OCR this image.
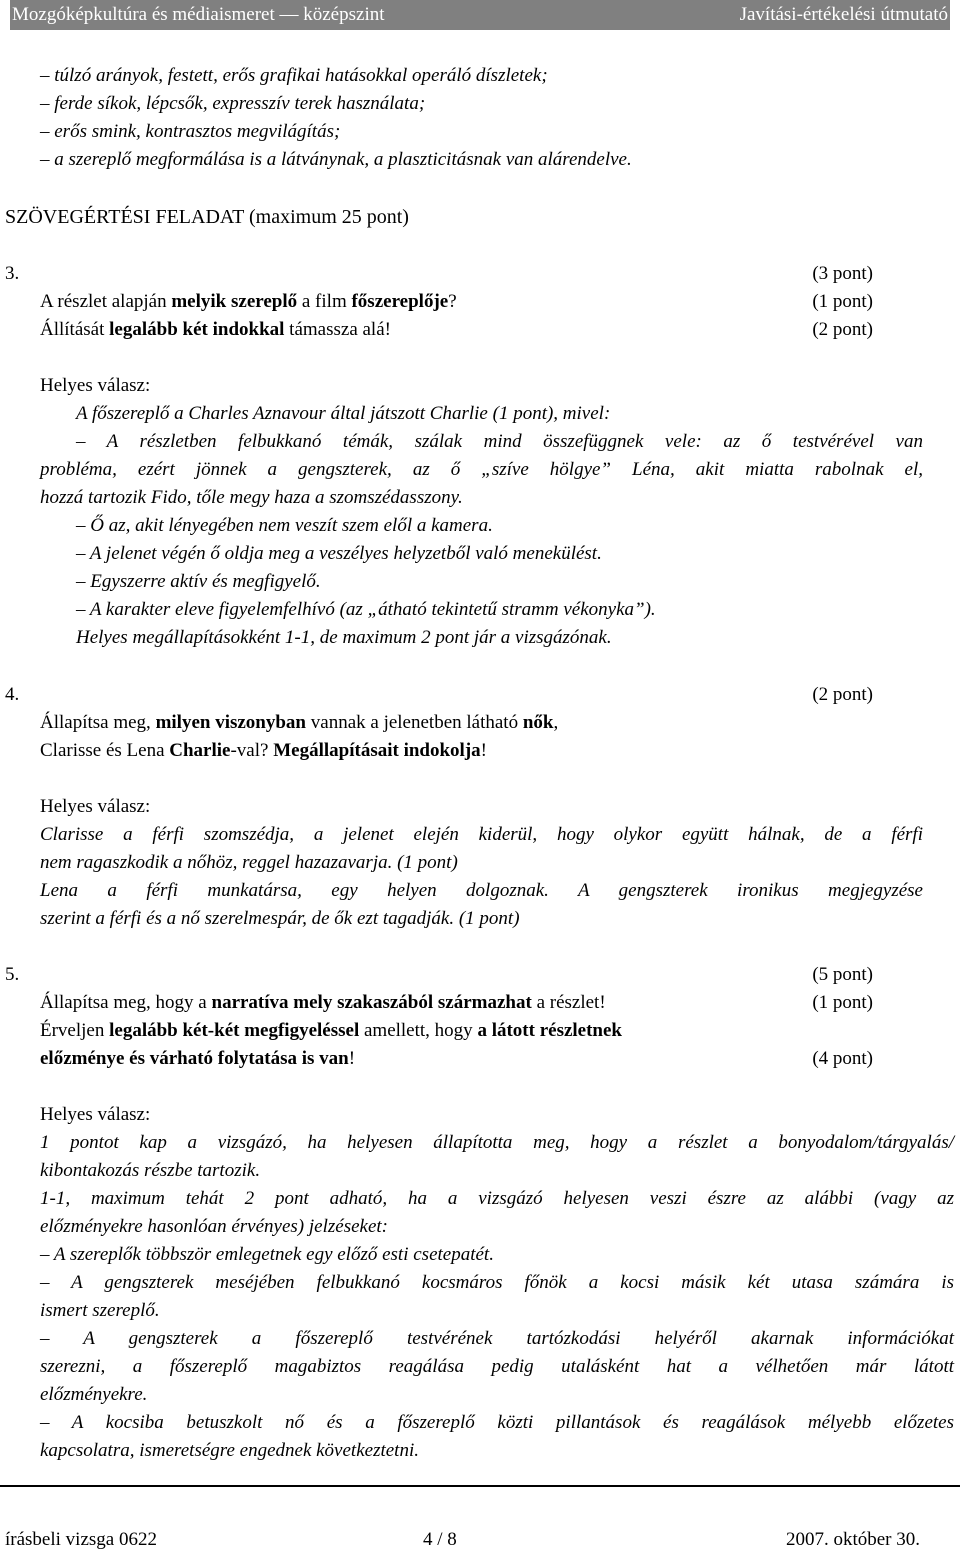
Mozgóképkultúra és médiaismeret — középszint	Javítási-értékelési útmutató
– túlzó arányok, festett, erős grafikai hatásokkal operáló díszletek;
– ferde síkok, lépcsők, expresszív terek használata;
– erős smink, kontrasztos megvilágítás;
– a szereplő megformálása is a látványnak, a plaszticitásnak van alárendelve.
SZÖVEGÉRTÉSI FELADAT (maximum 25 pont)
3.	(3 pont)
A részlet alapján melyik szereplő a film főszereplője?	(1 pont)
Állítását legalább két indokkal támassza alá!	(2 pont)
Helyes válasz:
A főszereplő a Charles Aznavour által játszott Charlie (1 pont), mivel:
– A részletben felbukkanó témák, szálak mind összefüggnek vele: az ő testvérével van
probléma, ezért jönnek a gengszterek, az ő „szíve hölgye” Léna, akit miatta rabolnak el,
hozzá tartozik Fido, tőle megy haza a szomszédasszony.
– Ő az, akit lényegében nem veszít szem elől a kamera.
– A jelenet végén ő oldja meg a veszélyes helyzetből való menekülést.
– Egyszerre aktív és megfigyelő.
– A karakter eleve figyelemfelhívó (az „átható tekintetű stramm vékonyka”).
Helyes megállapításokként 1-1, de maximum 2 pont jár a vizsgázónak.
4.	(2 pont)
Állapítsa meg, milyen viszonyban vannak a jelenetben látható nők,
Clarisse és Lena Charlie-val? Megállapításait indokolja!
Helyes válasz:
Clarisse a férfi szomszédja, a jelenet elején kiderül, hogy olykor együtt hálnak, de a férfi
nem ragaszkodik a nőhöz, reggel hazazavarja. (1 pont)
Lena a férfi munkatársa, egy helyen dolgoznak. A gengszterek ironikus megjegyzése
szerint a férfi és a nő szerelmespár, de ők ezt tagadják. (1 pont)
5.	(5 pont)
Állapítsa meg, hogy a narratíva mely szakaszából származhat a részlet!	(1 pont)
Érveljen legalább két-két megfigyeléssel amellett, hogy a látott részletnek
előzménye és várható folytatása is van!	(4 pont)
Helyes válasz:
1 pontot kap a vizsgázó, ha helyesen állapította meg, hogy a részlet a bonyodalom/tárgyalás/
kibontakozás részbe tartozik.
1-1, maximum tehát 2 pont adható, ha a vizsgázó helyesen veszi észre az alábbi (vagy az
előzményekre hasonlóan érvényes) jelzéseket:
– A szereplők többször emlegetnek egy előző esti csetepatét.
– A gengszterek meséjében felbukkanó kocsmáros főnök a kocsi másik két utasa számára is
ismert szereplő.
– A gengszterek a főszereplő testvérének tartózkodási helyéről akarnak információkat
szerezni, a főszereplő magabiztos reagálása pedig utalásként hat a vélhetően már látott
előzményekre.
– A kocsiba betuszkolt nő és a főszereplő közti pillantások és reagálások mélyebb előzetes
kapcsolatra, ismeretségre engednek következtetni.
írásbeli vizsga 0622	4 / 8	2007. október 30.
